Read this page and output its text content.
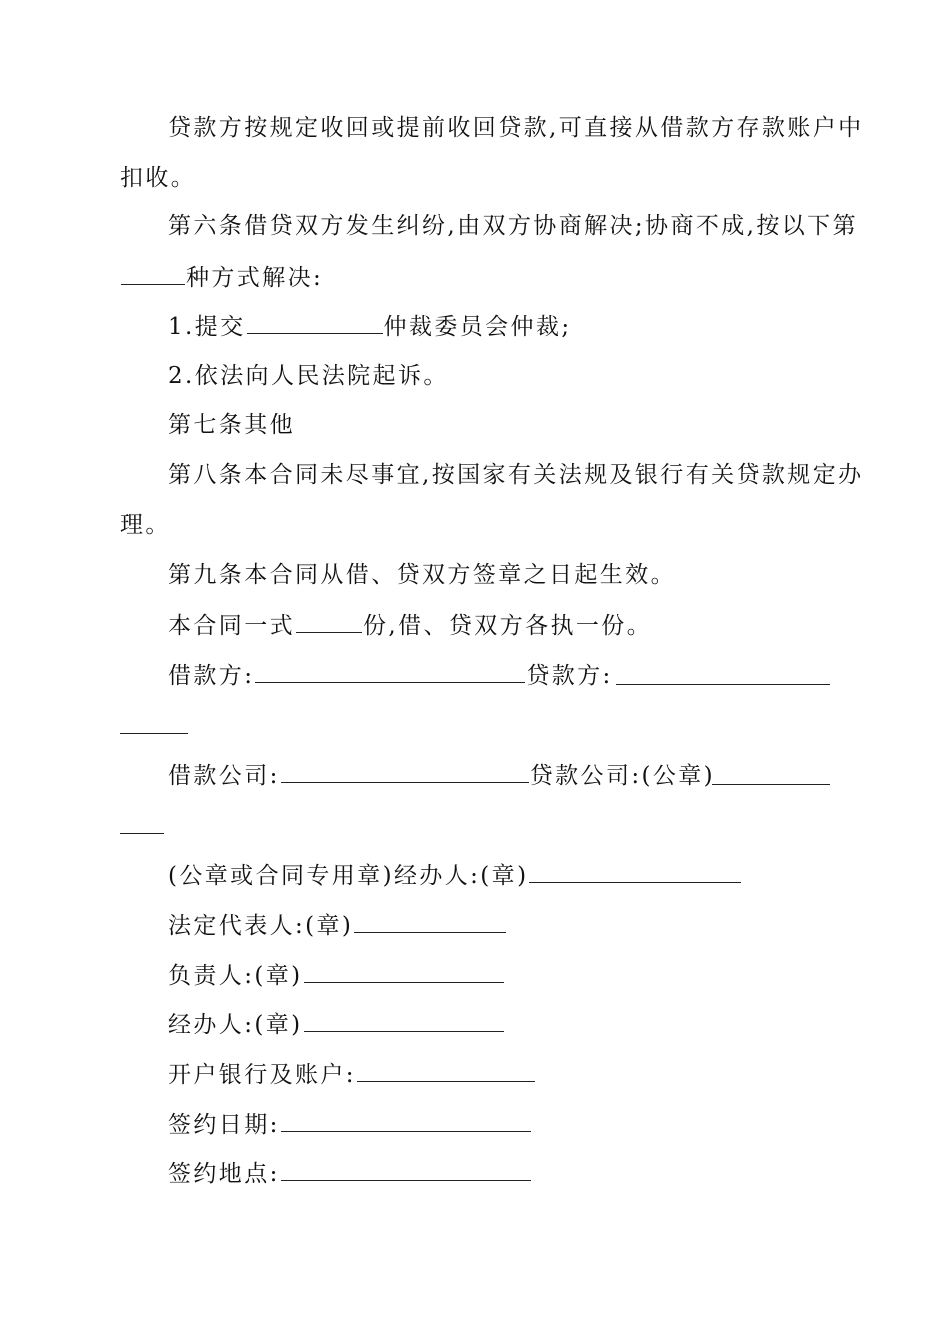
贷款方按规定收回或提前收回贷款,可直接从借款方存款账户中
扣收。
第六条借贷双方发生纠纷,由双方协商解决;协商不成,按以下第
种方式解决:
1.提交	仲裁委员会仲裁;
2.依法向人民法院起诉。
第七条其他
第八条本合同未尽事宜,按国家有关法规及银行有关贷款规定办
理。
第九条本合同从借、贷双方签章之日起生效。
本合同一式	份,借、贷双方各执一份。
借款方:	贷款方:
借款公司:	贷款公司:(公章)
(公章或合同专用章)经办人:(章)
法定代表人:(章)
负责人:(章)
经办人:(章)
开户银行及账户:
签约日期:
签约地点:
